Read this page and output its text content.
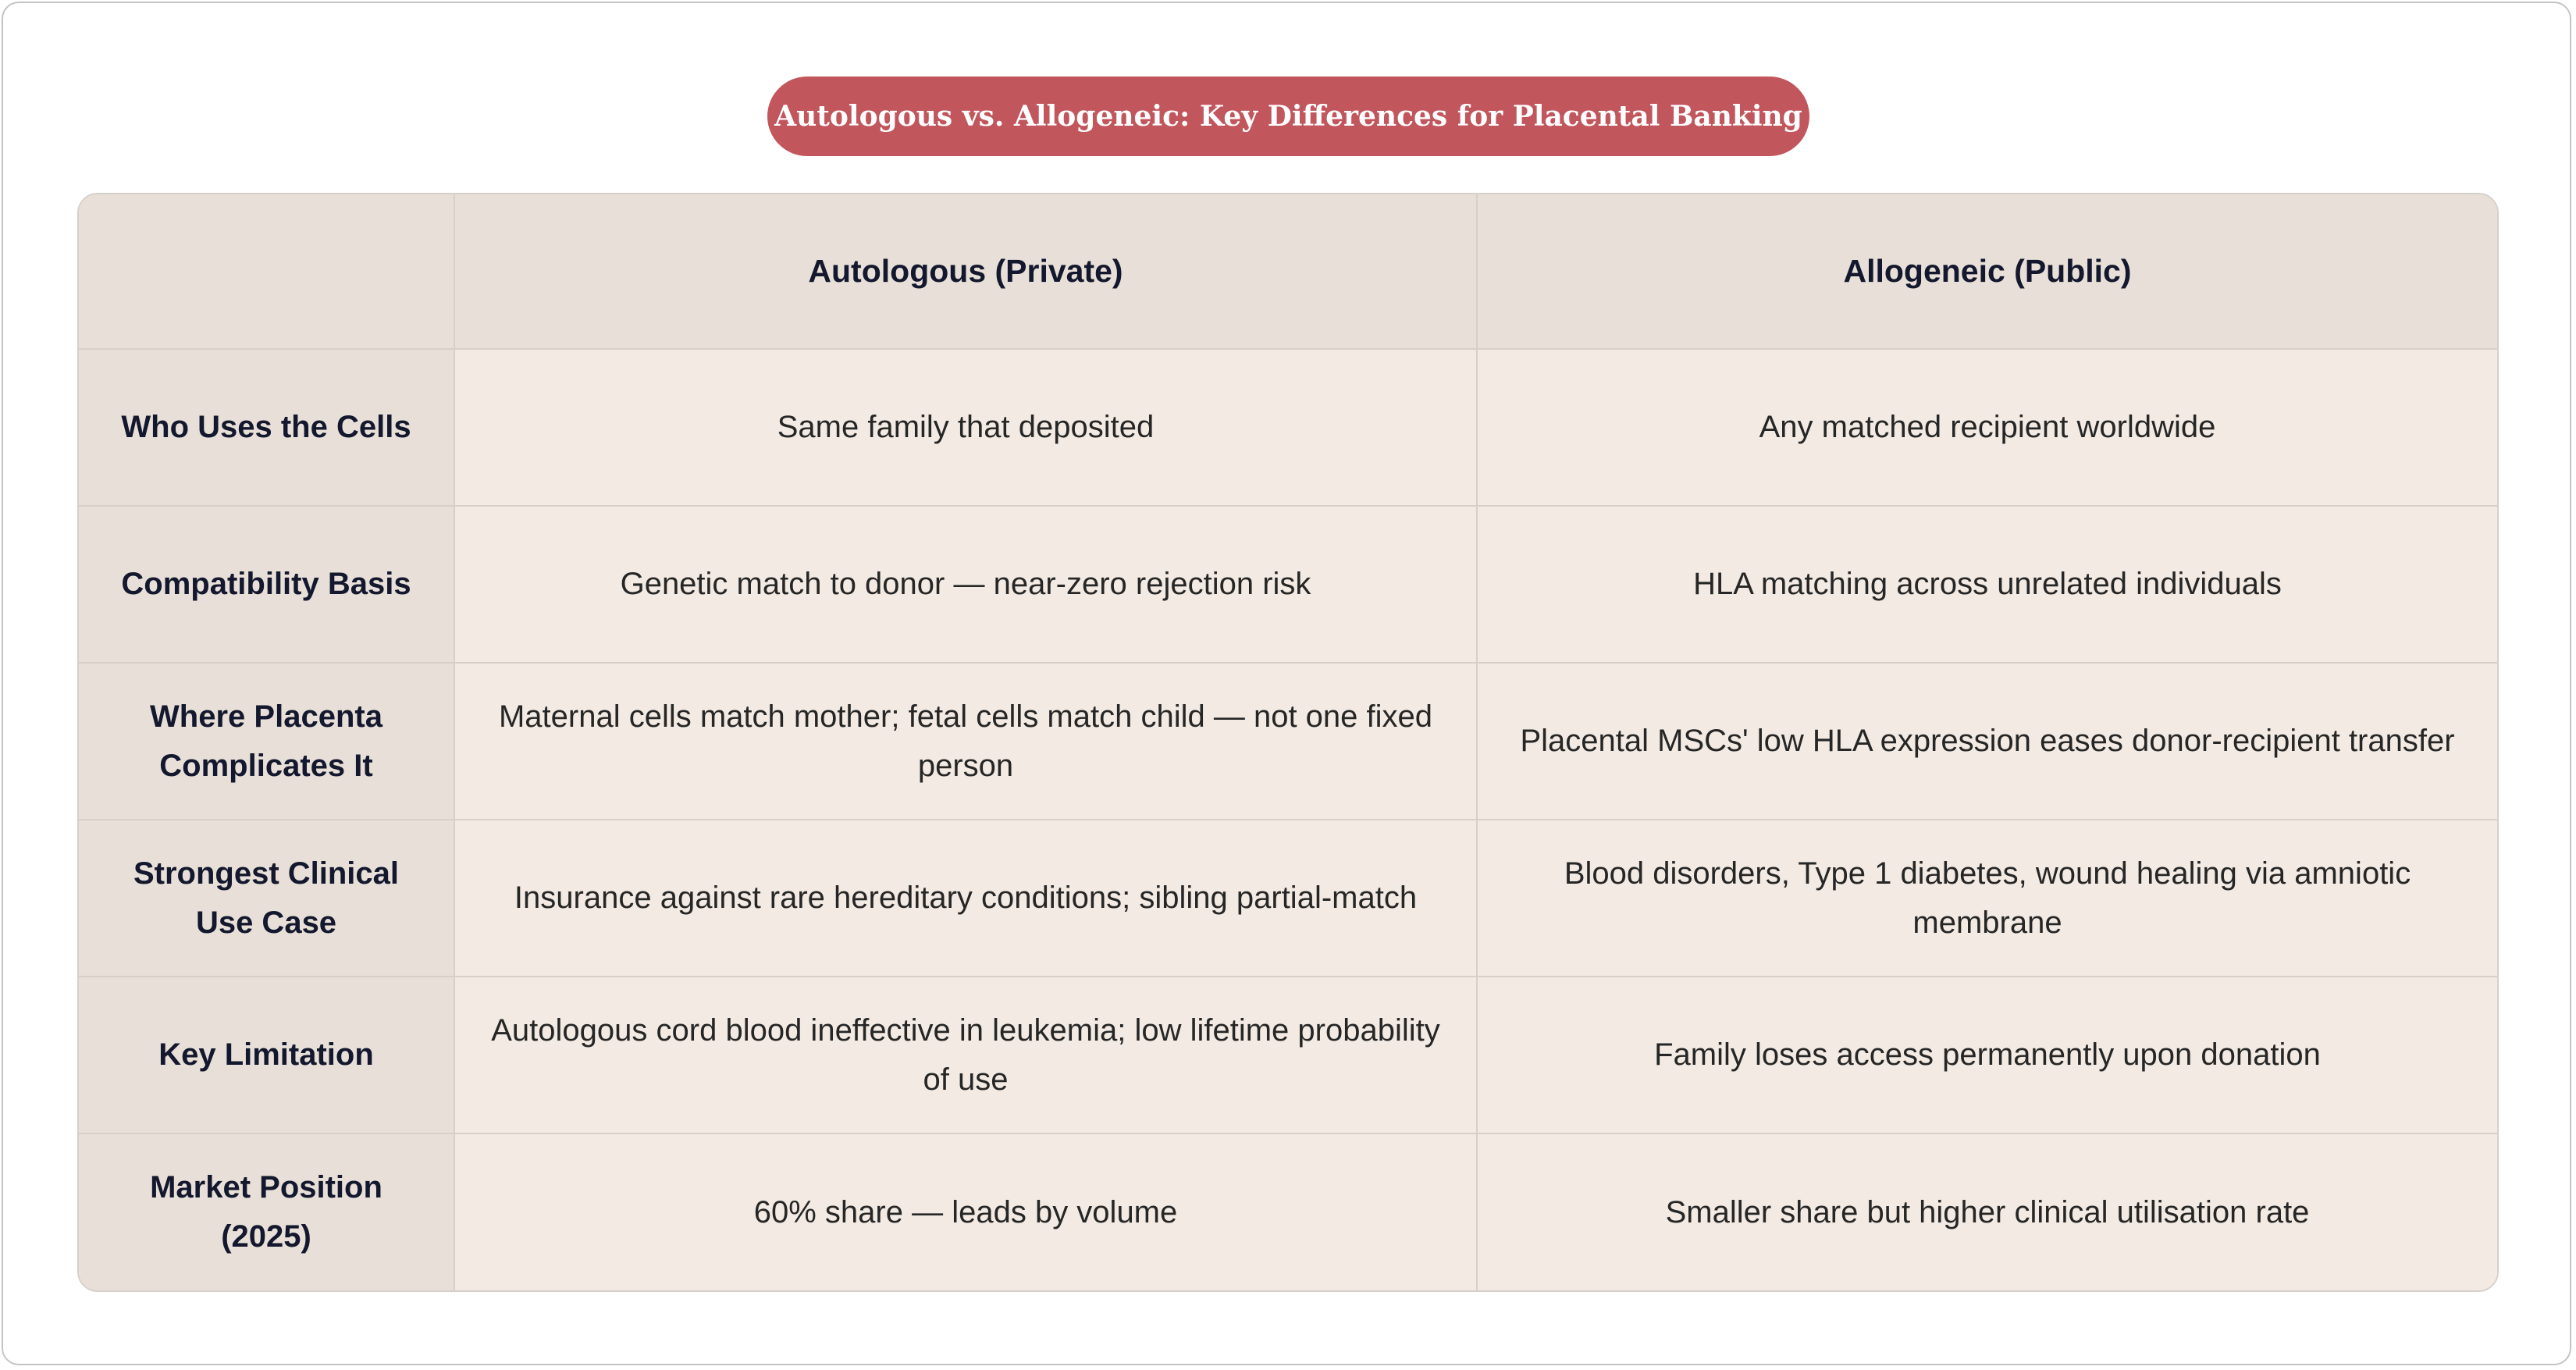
Autologous vs. Allogeneic: Key Differences for Placental Banking
	Autologous (Private)	Allogeneic (Public)
Who Uses the Cells	Same family that deposited	Any matched recipient worldwide
Compatibility Basis	Genetic match to donor — near-zero rejection risk	HLA matching across unrelated individuals
Where Placenta Complicates It	Maternal cells match mother; fetal cells match child — not one fixed person	Placental MSCs' low HLA expression eases donor-recipient transfer
Strongest Clinical Use Case	Insurance against rare hereditary conditions; sibling partial-match	Blood disorders, Type 1 diabetes, wound healing via amniotic membrane
Key Limitation	Autologous cord blood ineffective in leukemia; low lifetime probability of use	Family loses access permanently upon donation
Market Position (2025)	60% share — leads by volume	Smaller share but higher clinical utilisation rate
